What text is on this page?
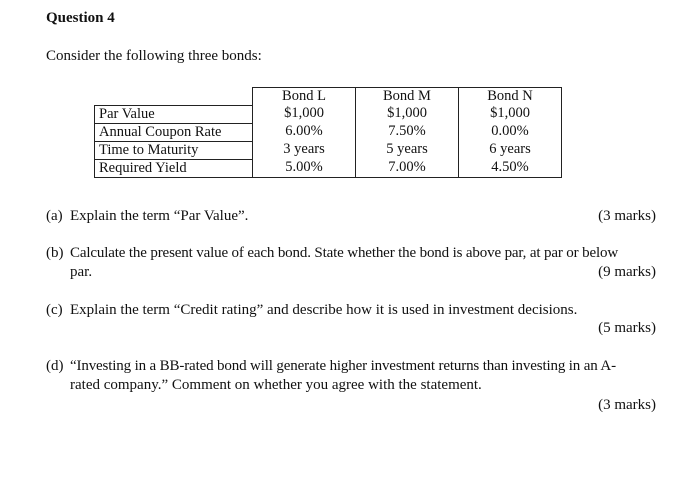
Question 4
Consider the following three bonds:
	Bond L	Bond M	Bond N
Par Value	$1,000	$1,000	$1,000
Annual Coupon Rate	6.00%	7.50%	0.00%
Time to Maturity	3 years	5 years	6 years
Required Yield	5.00%	7.00%	4.50%
(a) Explain the term “Par Value”.	(3 marks)
(b) Calculate the present value of each bond. State whether the bond is above par, at par or below
par.	(9 marks)
(c) Explain the term “Credit rating” and describe how it is used in investment decisions.
(5 marks)
(d) “Investing in a BB-rated bond will generate higher investment returns than investing in an A-
rated company.” Comment on whether you agree with the statement.
(3 marks)
